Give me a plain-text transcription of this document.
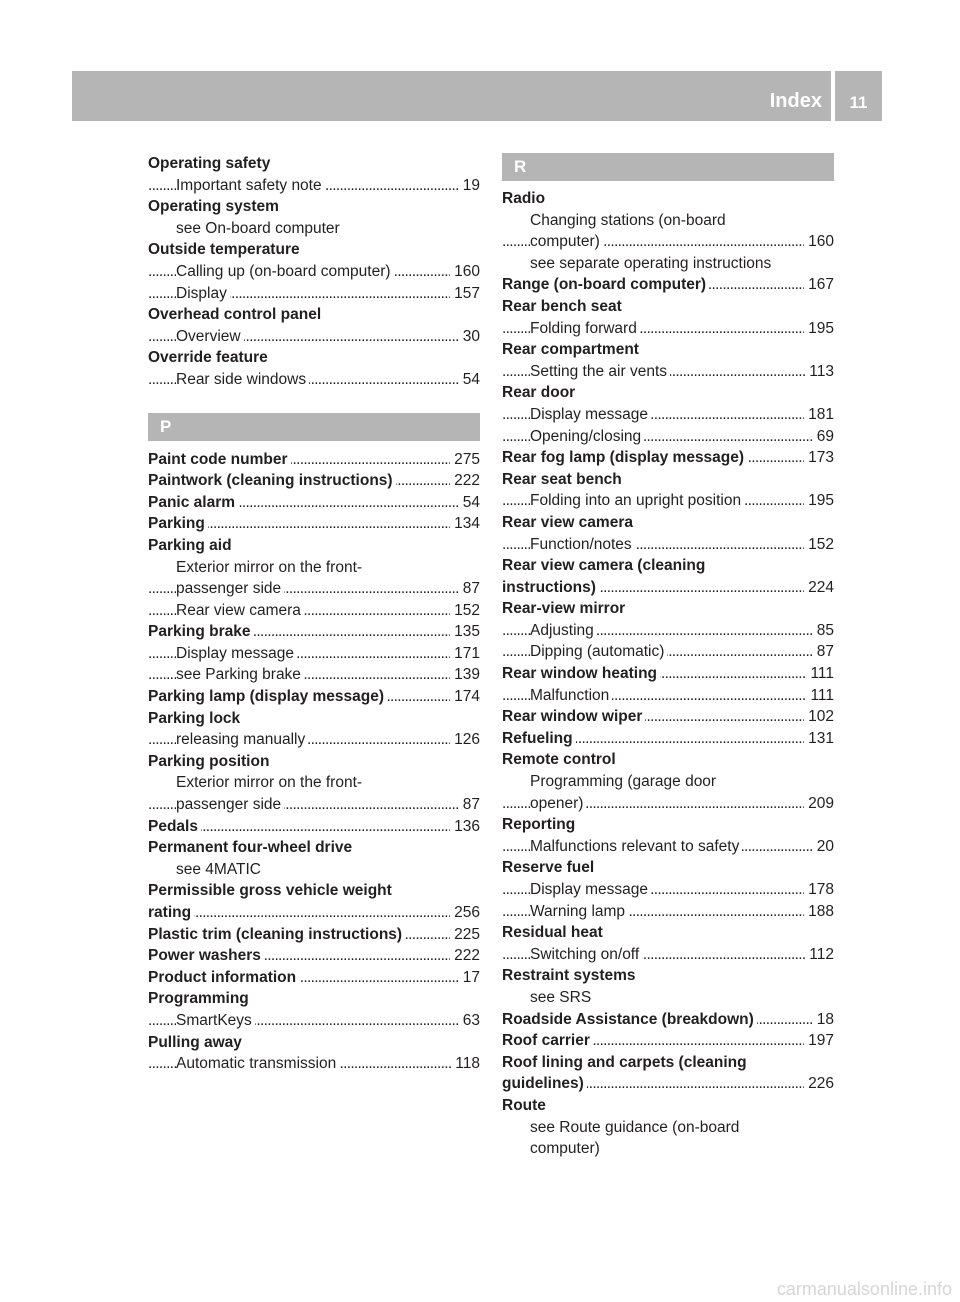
Index	11
Operating safety
. . . Important safety note	19
Operating system
see On-board computer
Outside temperature
. . . Calling up (on-board computer)	160
. . . Display	157
Overhead control panel
. . . Overview	30
Override feature
. . . Rear side windows	54
P
. . . Paint code number	275
. . . Paintwork (cleaning instructions)	222
. . . Panic alarm	54
. . . Parking	134
Parking aid
Exterior mirror on the front-
. . . passenger side	87
. . . Rear view camera	152
. . . Parking brake	135
. . . Display message	171
. . . see Parking brake	139
. . . Parking lamp (display message)	174
Parking lock
. . . releasing manually	126
Parking position
Exterior mirror on the front-
. . . passenger side	87
. . . Pedals	136
Permanent four-wheel drive
see 4MATIC
Permissible gross vehicle weight
. . . rating	256
. . . Plastic trim (cleaning instructions)	225
. . . Power washers	222
. . . Product information	17
Programming
. . . SmartKeys	63
Pulling away
. . . Automatic transmission	118
R
Radio
Changing stations (on-board
. . . computer)	160
see separate operating instructions
. . . Range (on-board computer)	167
Rear bench seat
. . . Folding forward	195
Rear compartment
. . . Setting the air vents	113
Rear door
. . . Display message	181
. . . Opening/closing	69
. . . Rear fog lamp (display message)	173
Rear seat bench
. . . Folding into an upright position	195
Rear view camera
. . . Function/notes	152
Rear view camera (cleaning
. . . instructions)	224
Rear-view mirror
. . . Adjusting	85
. . . Dipping (automatic)	87
. . . Rear window heating	111
. . . Malfunction	111
. . . Rear window wiper	102
. . . Refueling	131
Remote control
Programming (garage door
. . . opener)	209
Reporting
. . . Malfunctions relevant to safety	20
Reserve fuel
. . . Display message	178
. . . Warning lamp	188
Residual heat
. . . Switching on/off	112
Restraint systems
see SRS
. . . Roadside Assistance (breakdown)	18
. . . Roof carrier	197
Roof lining and carpets (cleaning
. . . guidelines)	226
Route
see Route guidance (on-board
computer)
carmanualsonline.info
